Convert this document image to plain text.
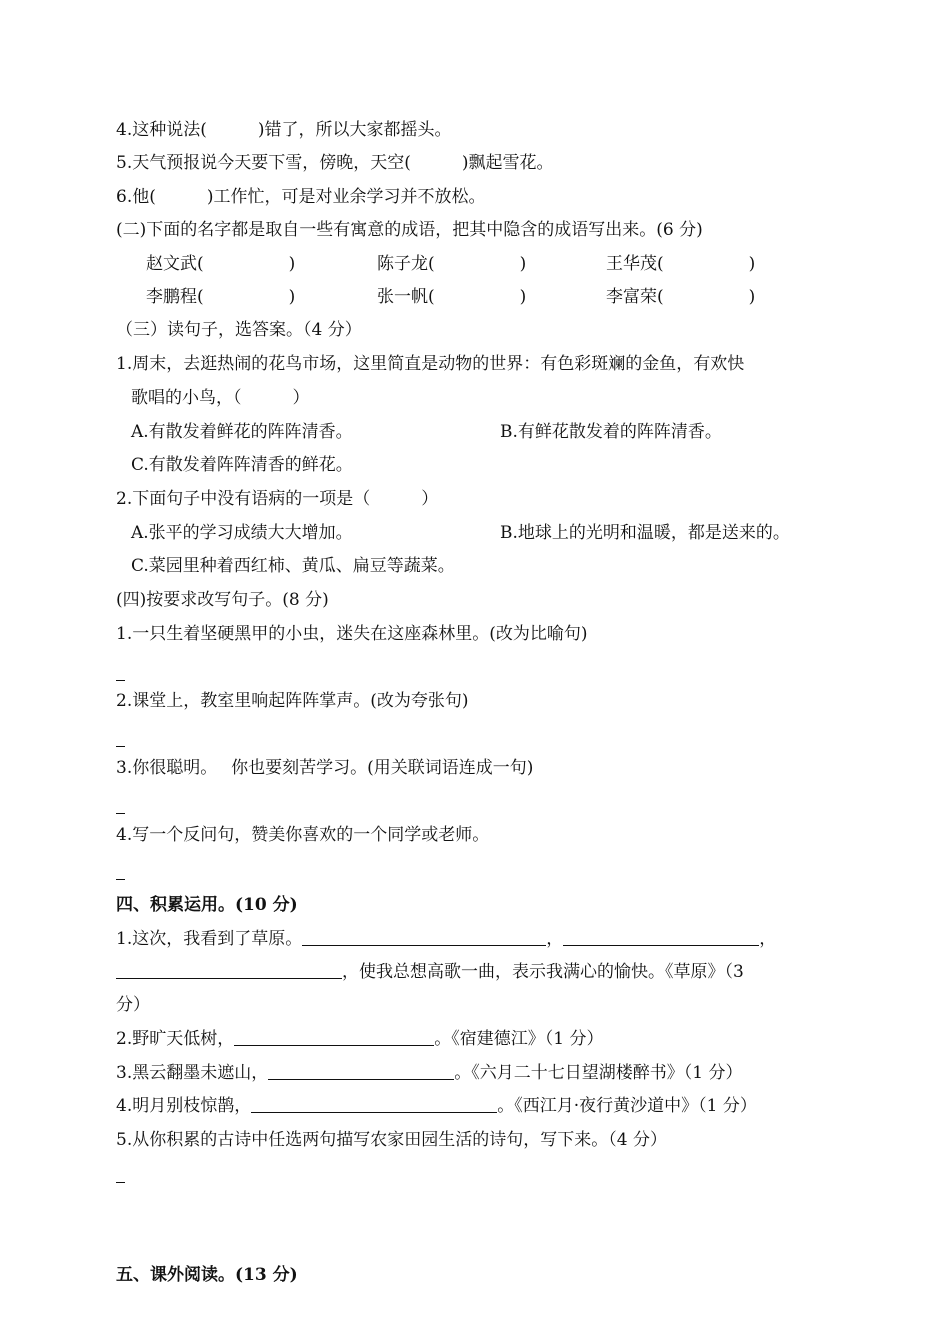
4.这种说法(　　　)错了，所以大家都摇头。
5.天气预报说今天要下雪，傍晚，天空(　　　)飘起雪花。
6.他(　　　)工作忙，可是对业余学习并不放松。
(二)下面的名字都是取自一些有寓意的成语，把其中隐含的成语写出来。(6 分)
赵文武(　　　　　)	陈子龙(　　　　　)	王华茂(　　　　　)
李鹏程(　　　　　)	张一帆(　　　　　)	李富荣(　　　　　)
（三）读句子，选答案。（4 分）
1.周末，去逛热闹的花鸟市场，这里简直是动物的世界：有色彩斑斓的金鱼，有欢快
歌唱的小鸟，（　　　）
A.有散发着鲜花的阵阵清香。	B.有鲜花散发着的阵阵清香。
C.有散发着阵阵清香的鲜花。
2.下面句子中没有语病的一项是（　　　）
A.张平的学习成绩大大增加。	B.地球上的光明和温暖，都是送来的。
C.菜园里种着西红柿、黄瓜、扁豆等蔬菜。
(四)按要求改写句子。(8 分)
1.一只生着坚硬黑甲的小虫，迷失在这座森林里。(改为比喻句)
2.课堂上，教室里响起阵阵掌声。(改为夸张句)
3.你很聪明。　 你也要刻苦学习。(用关联词语连成一句)
4.写一个反问句，赞美你喜欢的一个同学或老师。
四、积累运用。(10 分)
1.这次，我看到了草原。	，	，
，使我总想高歌一曲，表示我满心的愉快。《草原》（3
分）
2.野旷天低树，	。《宿建德江》（1 分）
3.黑云翻墨未遮山，	。《六月二十七日望湖楼醉书》（1 分）
4.明月别枝惊鹊，	。《西江月·夜行黄沙道中》（1 分）
5.从你积累的古诗中任选两句描写农家田园生活的诗句，写下来。（4 分）
五、课外阅读。(13 分)
